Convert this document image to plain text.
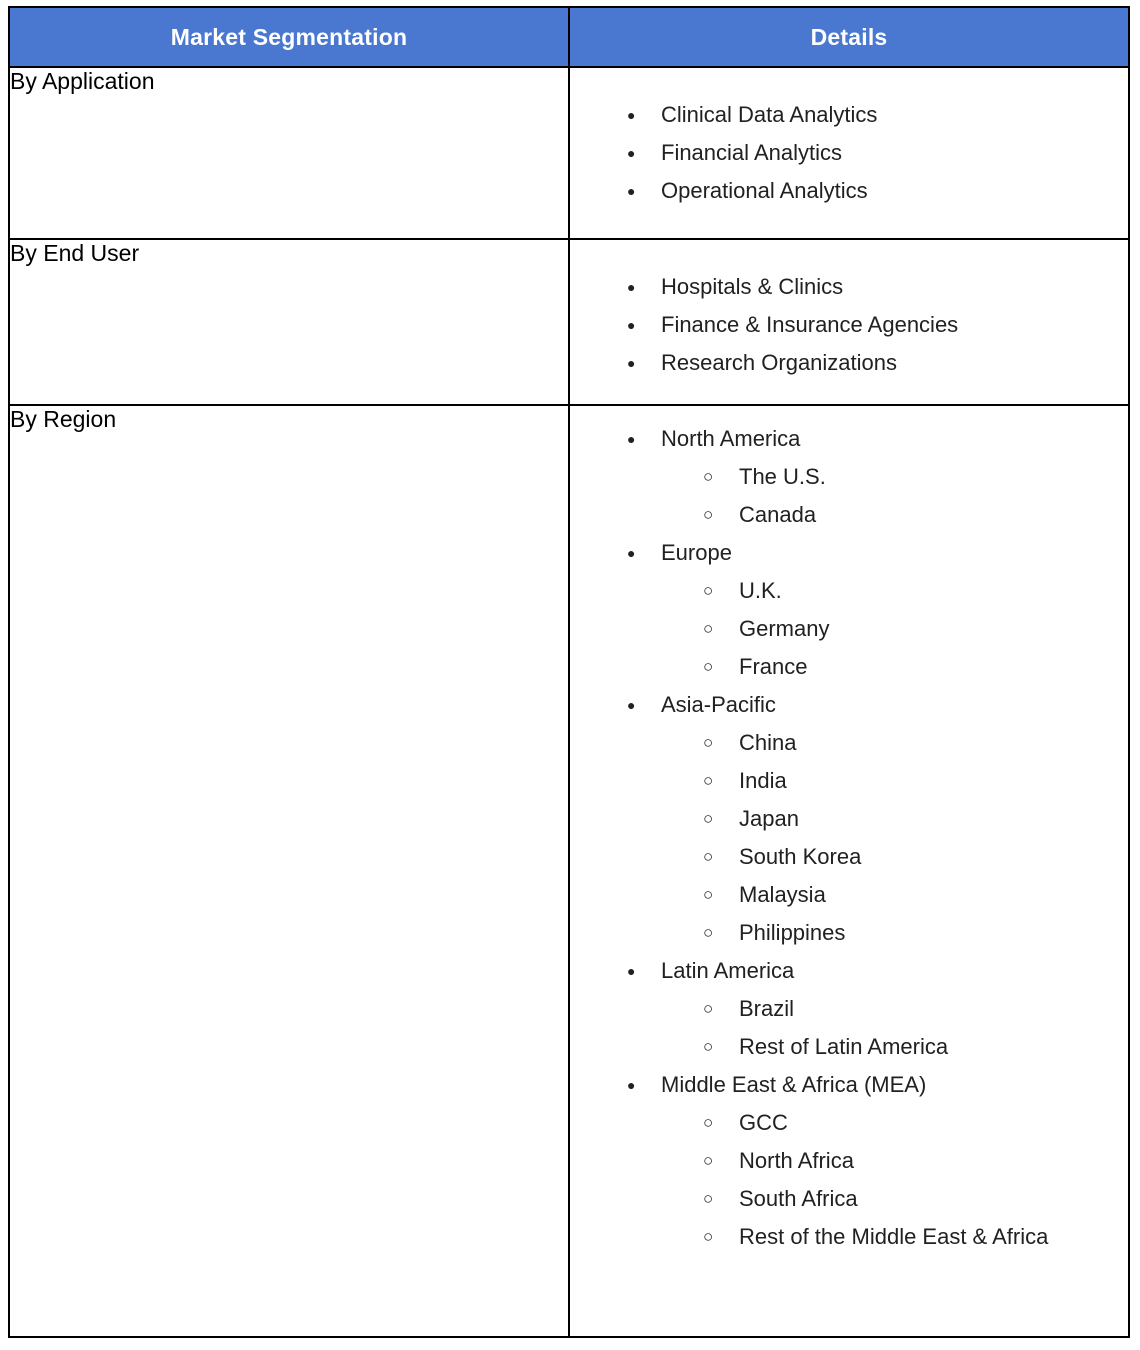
Market Segmentation	Details
By Application	
● Clinical Data Analytics
● Financial Analytics
● Operational Analytics

By End User	
● Hospitals & Clinics
● Finance & Insurance Agencies
● Research Organizations

By Region	
● North America
○ The U.S.
○ Canada
● Europe
○ U.K.
○ Germany
○ France
● Asia-Pacific
○ China
○ India
○ Japan
○ South Korea
○ Malaysia
○ Philippines
● Latin America
○ Brazil
○ Rest of Latin America
● Middle East & Africa (MEA)
○ GCC
○ North Africa
○ South Africa
○ Rest of the Middle East & Africa
